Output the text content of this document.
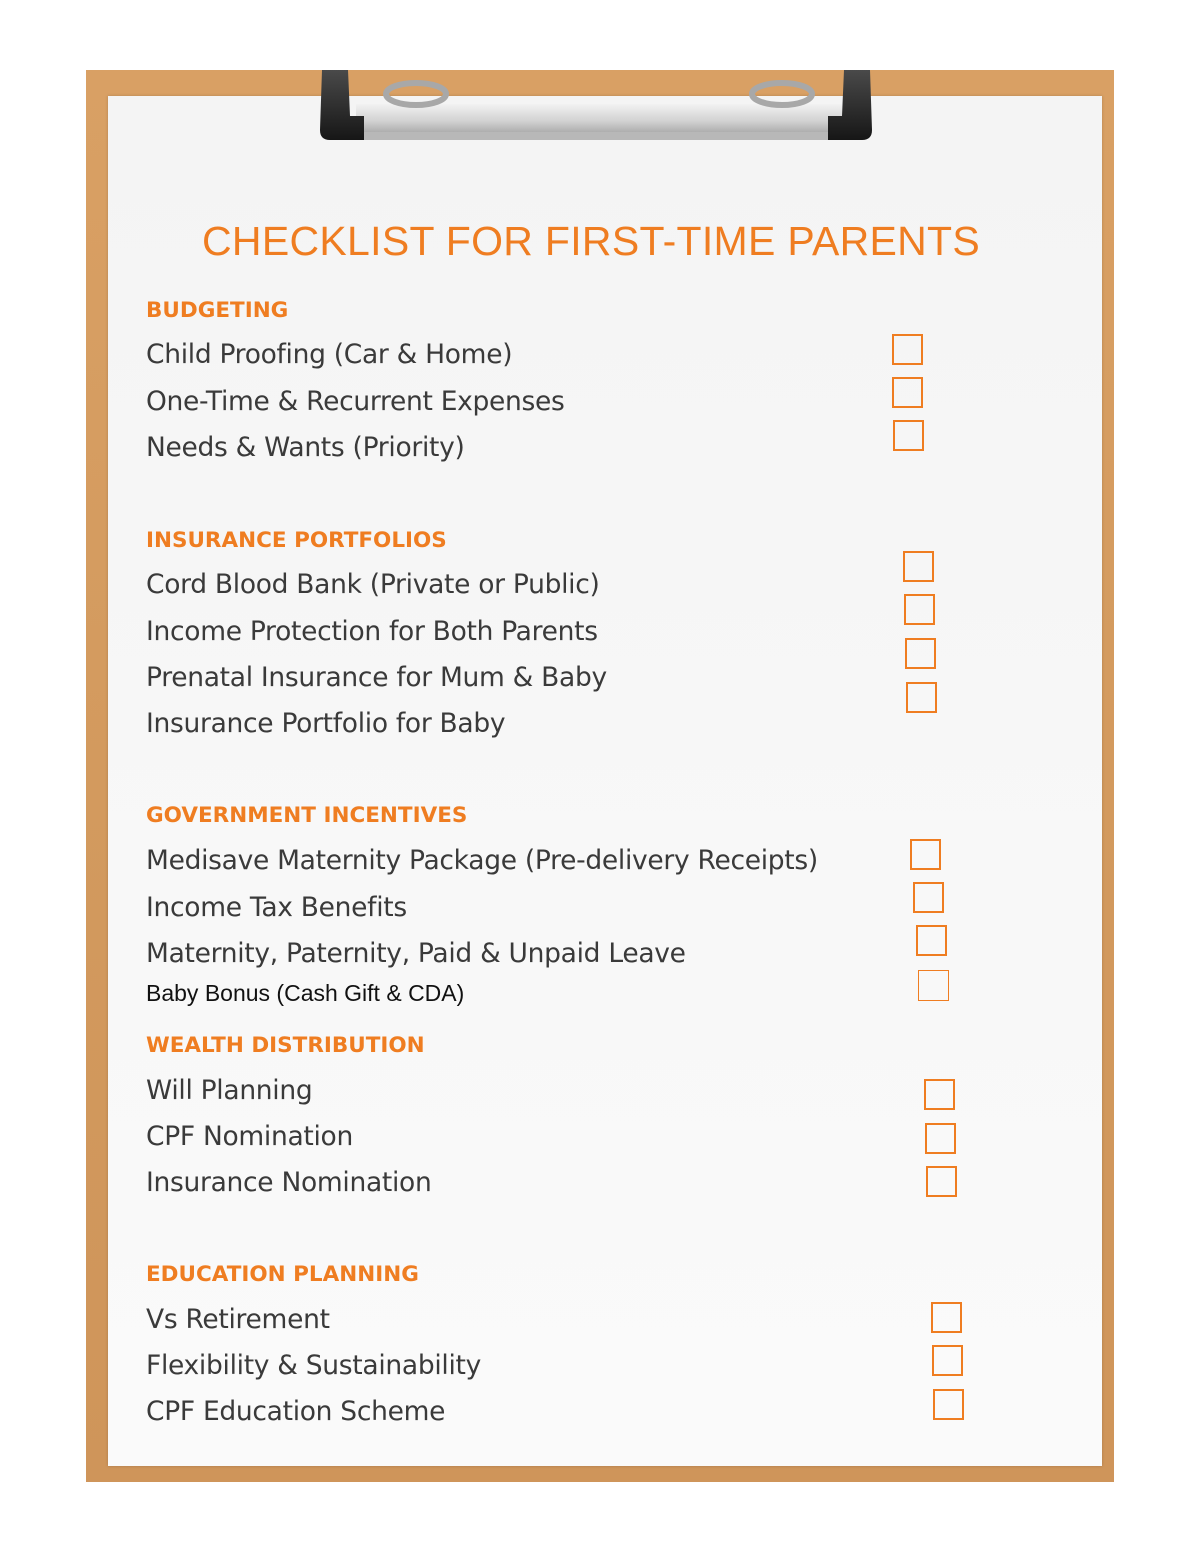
CHECKLIST FOR FIRST-TIME PARENTS
BUDGETING
Child Proofing (Car & Home)
One-Time & Recurrent Expenses
Needs & Wants (Priority)
INSURANCE PORTFOLIOS
Cord Blood Bank (Private or Public)
Income Protection for Both Parents
Prenatal Insurance for Mum & Baby
Insurance Portfolio for Baby
GOVERNMENT INCENTIVES
Medisave Maternity Package (Pre-delivery Receipts)
Income Tax Benefits
Maternity, Paternity, Paid & Unpaid Leave
Baby Bonus (Cash Gift & CDA)
WEALTH DISTRIBUTION
Will Planning
CPF Nomination
Insurance Nomination
EDUCATION PLANNING
Vs Retirement
Flexibility & Sustainability
CPF Education Scheme
